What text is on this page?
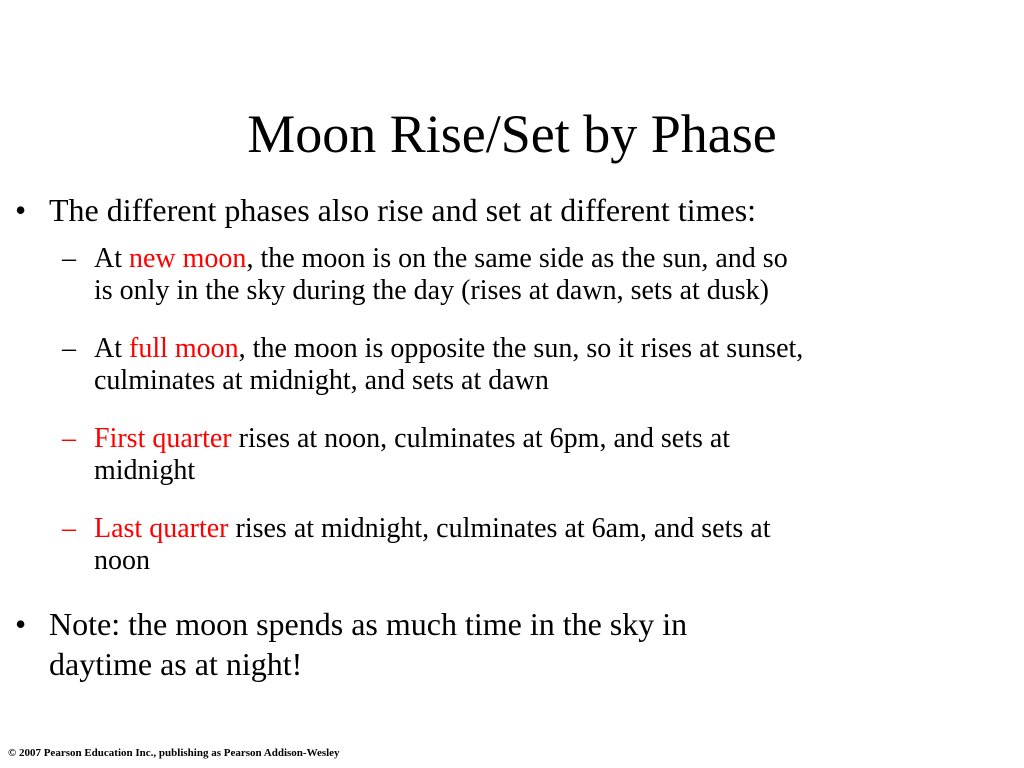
Moon Rise/Set by Phase
• The different phases also rise and set at different times:
– At new moon, the moon is on the same side as the sun, and so
is only in the sky during the day (rises at dawn, sets at dusk)
– At full moon, the moon is opposite the sun, so it rises at sunset,
culminates at midnight, and sets at dawn
– First quarter rises at noon, culminates at 6pm, and sets at
midnight
– Last quarter rises at midnight, culminates at 6am, and sets at
noon
• Note: the moon spends as much time in the sky in
daytime as at night!
© 2007 Pearson Education Inc., publishing as Pearson Addison-Wesley
